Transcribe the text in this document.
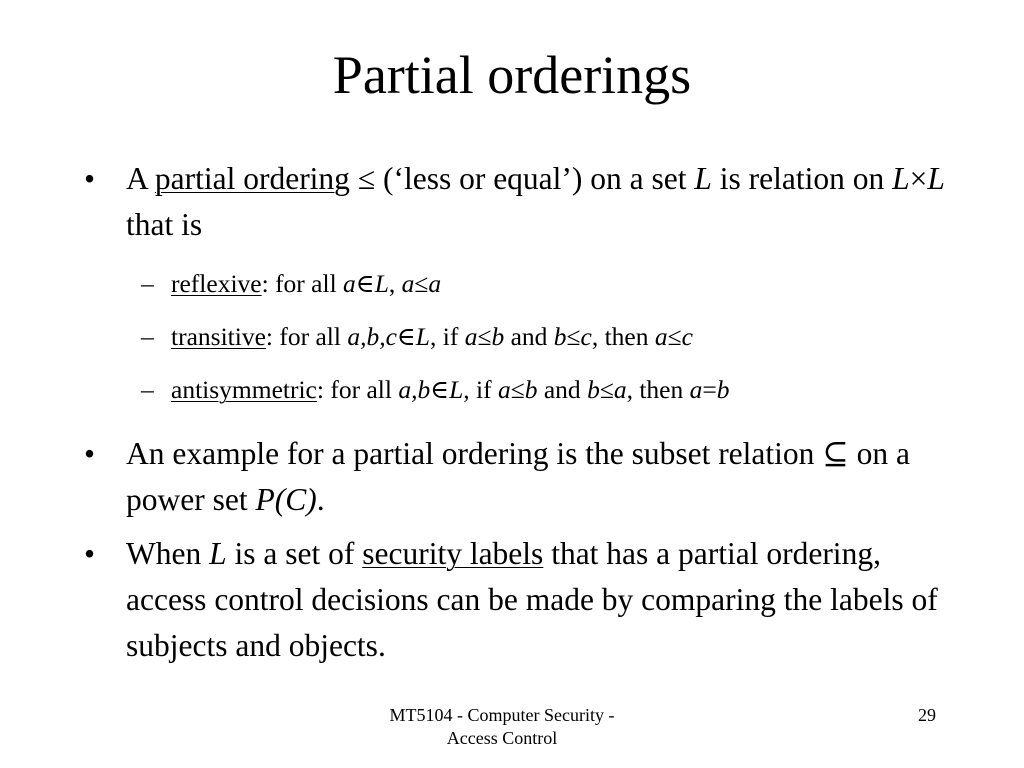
Partial orderings
• A partial ordering ≤ (‘less or equal’) on a set L is relation on L×L that is
– reflexive: for all a∈L, a≤a
– transitive: for all a,b,c∈L, if a≤b and b≤c, then a≤c
– antisymmetric: for all a,b∈L, if a≤b and b≤a, then a=b
• An example for a partial ordering is the subset relation ⊆ on a power set P(C).
• When L is a set of security labels that has a partial ordering, access control decisions can be made by comparing the labels of subjects and objects.
MT5104 - Computer Security -
Access Control
29
